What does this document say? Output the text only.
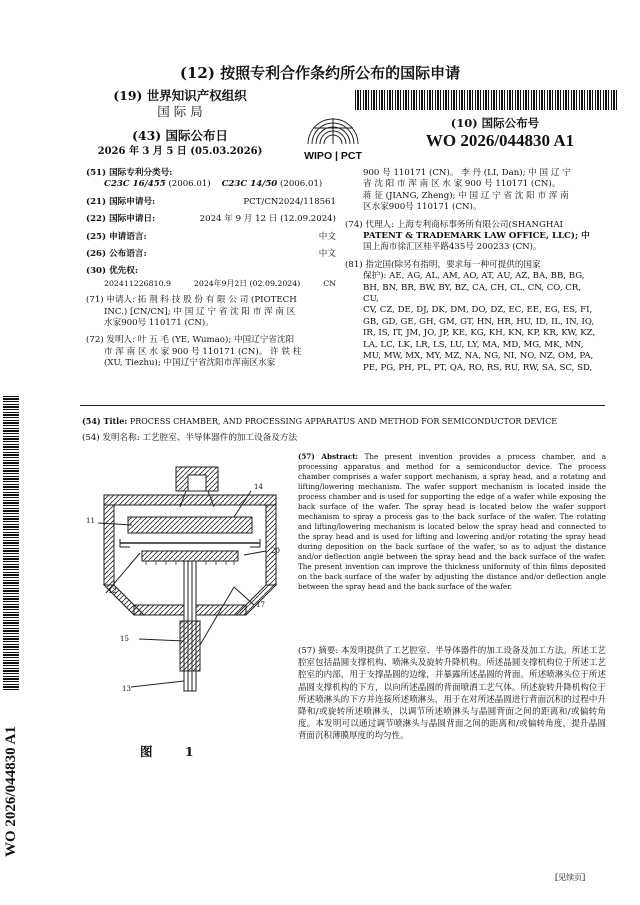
(12) 按照专利合作条约所公布的国际申请
(19) 世界知识产权组织
国 际 局
(43) 国际公布日
2026 年 3 月 5 日 (05.03.2026)	WIPO | PCT
(10) 国际公布号
WO 2026/044830 A1
(51) 国际专利分类号:
C23C 16/455 (2006.01) C23C 14/50 (2006.01)
(21) 国际申请号:	PCT/CN2024/118561
(22) 国际申请日:	2024 年 9 月 12 日 (12.09.2024)
(25) 申请语言:	中文
(26) 公布语言:	中文
(30) 优先权:
202411226810.9	2024年9月2日 (02.09.2024)	CN
(71) 申请人: 拓 荆 科 技 股 份 有 限 公 司 (PIOTECH
INC.) [CN/CN]; 中 国 辽 宁 省 沈 阳 市 浑 南 区
水家900号 110171 (CN)。
(72) 发明人: 叶 五 毛 (YE, Wumao); 中国辽宁省沈阳
市 浑 南 区 水 家 900 号 110171 (CN)。 许 铁 柱
(XU, Tiezhu); 中国辽宁省沈阳市浑南区水家
900 号 110171 (CN)。 李 丹 (LI, Dan); 中 国 辽 宁
省 沈 阳 市 浑 南 区 水 家 900 号 110171 (CN)。
蒋 征 (JIANG, Zheng); 中 国 辽 宁 省 沈 阳 市 浑 南
区水家900号 110171 (CN)。
(74) 代理人: 上海专利商标事务所有限公司(SHANGHAI
PATENT & TRADEMARK LAW OFFICE, LLC); 中
国上海市徐汇区桂平路435号 200233 (CN)。
(81) 指定国(除另有指明，要求每一种可提供的国家
保护): AE, AG, AL, AM, AO, AT, AU, AZ, BA, BB, BG,
BH, BN, BR, BW, BY, BZ, CA, CH, CL, CN, CO, CR, CU,
CV, CZ, DE, DJ, DK, DM, DO, DZ, EC, EE, EG, ES, FI,
GB, GD, GE, GH, GM, GT, HN, HR, HU, ID, IL, IN, IQ,
IR, IS, IT, JM, JO, JP, KE, KG, KH, KN, KP, KR, KW, KZ,
LA, LC, LK, LR, LS, LU, LY, MA, MD, MG, MK, MN,
MU, MW, MX, MY, MZ, NA, NG, NI, NO, NZ, OM, PA,
PE, PG, PH, PL, PT, QA, RO, RS, RU, RW, SA, SC, SD,
(54) Title: PROCESS CHAMBER, AND PROCESSING APPARATUS AND METHOD FOR SEMICONDUCTOR DEVICE
(54) 发明名称: 工艺腔室、半导体器件的加工设备及方法
14
11
20
12
17
15
13
图 1
(57) Abstract: The present invention provides a process chamber, and a processing apparatus and method for a semiconductor device. The process chamber comprises a wafer support mechanism, a spray head, and a rotating and lifting/lowering mechanism. The wafer support mechanism is located inside the process chamber and is used for supporting the edge of a wafer while exposing the back surface of the wafer. The spray head is located below the wafer support mechanism to spray a process gas to the back surface of the wafer. The rotating and lifting/lowering mechanism is located below the spray head and connected to the spray head and is used for lifting and lowering and/or rotating the spray head during deposition on the back surface of the wafer, so as to adjust the distance and/or deflection angle between the spray head and the back surface of the wafer. The present invention can improve the thickness uniformity of thin films deposited on the back surface of the wafer by adjusting the distance and/or deflection angle between the spray head and the back surface of the wafer.
(57) 摘要: 本发明提供了工艺腔室、半导体器件的加工设备及加工方法。所述工艺腔室包括晶圆支撑机构、喷淋头及旋转升降机构。所述晶圆支撑机构位于所述工艺腔室的内部，用于支撑晶圆的边缘，并暴露所述晶圆的背面。所述喷淋头位于所述晶圆支撑机构的下方，以向所述晶圆的背面喷洒工艺气体。所述旋转升降机构位于所述喷淋头的下方并连接所述喷淋头，用于在对所述晶圆进行背面沉积的过程中升降和/或旋转所述喷淋头，以调节所述喷淋头与晶圆背面之间的距离和/或偏转角度。本发明可以通过调节喷淋头与晶圆背面之间的距离和/或偏转角度，提升晶圆背面沉积薄膜厚度的均匀性。
WO 2026/044830 A1
[见续页]
